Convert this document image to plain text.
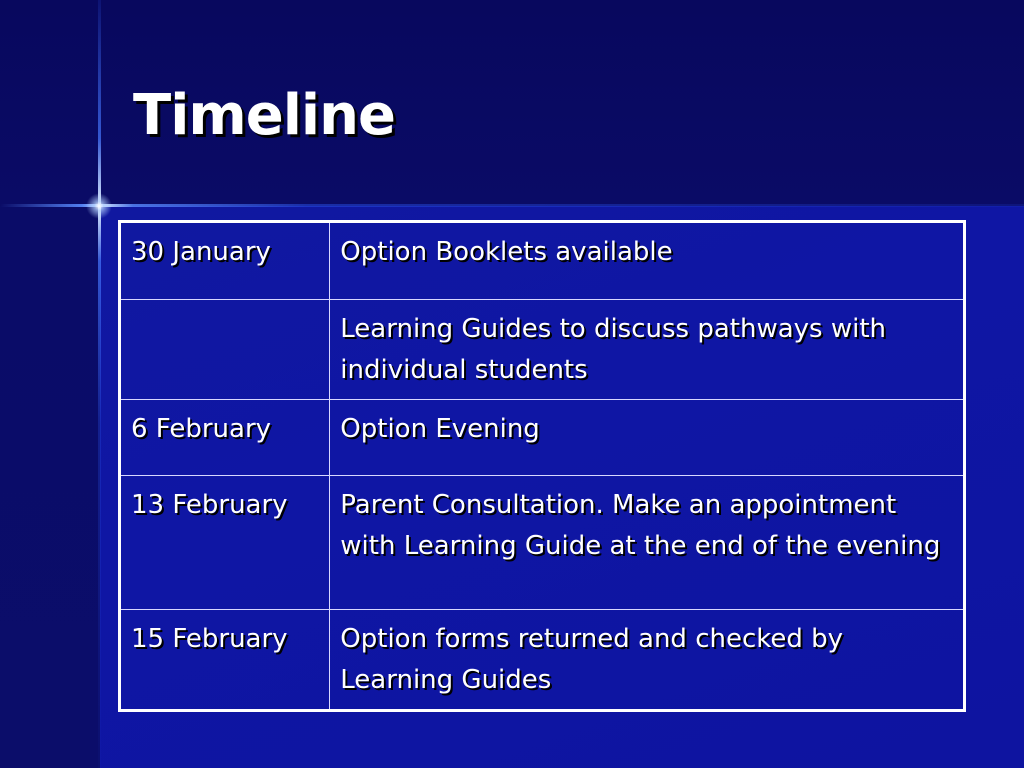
Timeline
30 January	Option Booklets available
	Learning Guides to discuss pathways with individual students
6 February	Option Evening
13 February	Parent Consultation. Make an appointment with Learning Guide at the end of the evening
15 February	Option forms returned and checked by Learning Guides
